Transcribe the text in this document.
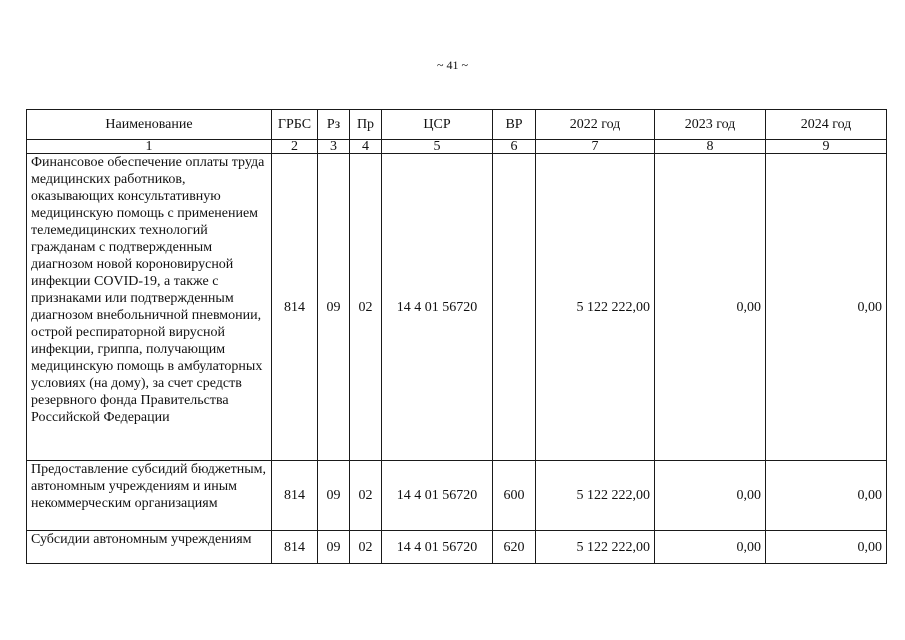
~ 41 ~
Наименование	ГРБС	Рз	Пр	ЦСР	ВР	2022 год	2023 год	2024 год
1	2	3	4	5	6	7	8	9
Финансовое обеспечение оплаты труда медицинских работников, оказывающих консультативную медицинскую помощь с применением телемедицинских технологий гражданам с подтвержденным диагнозом новой короновирусной инфекции COVID-19, а также с признаками или подтвержденным диагнозом внебольничной пневмонии, острой респираторной вирусной инфекции, гриппа, получающим медицинскую помощь в амбулаторных условиях (на дому), за счет средств резервного фонда Правительства Российской Федерации	814	09	02	14 4 01 56720		5 122 222,00	0,00	0,00
Предоставление субсидий бюджетным, автономным учреждениям и иным некоммерческим организациям	814	09	02	14 4 01 56720	600	5 122 222,00	0,00	0,00
Субсидии автономным учреждениям	814	09	02	14 4 01 56720	620	5 122 222,00	0,00	0,00
